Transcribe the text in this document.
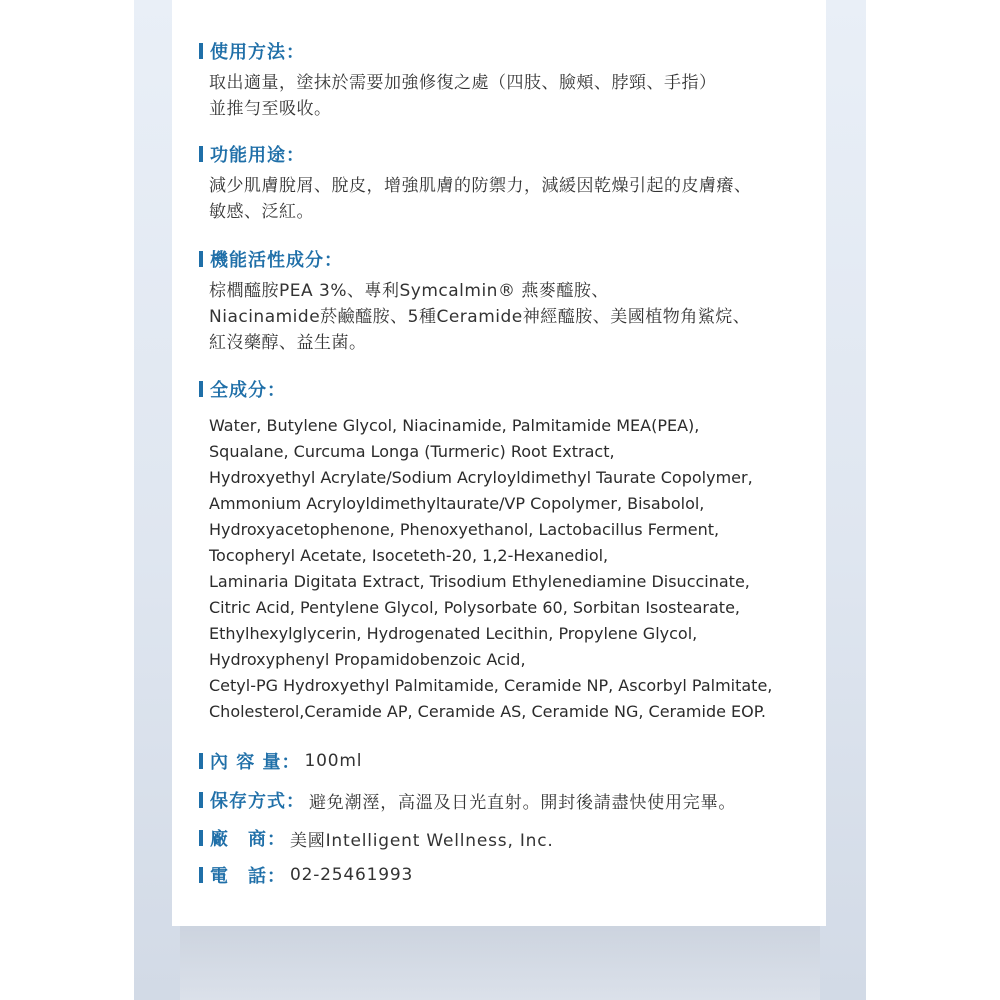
使用方法：
取出適量，塗抹於需要加強修復之處（四肢、臉頰、脖頸、手指）
並推勻至吸收。
功能用途：
減少肌膚脫屑、脫皮，增強肌膚的防禦力，減緩因乾燥引起的皮膚癢、
敏感、泛紅。
機能活性成分：
棕櫚醯胺PEA 3%、專利Symcalmin® 燕麥醯胺、
Niacinamide菸鹼醯胺、5種Ceramide神經醯胺、美國植物角鯊烷、
紅沒藥醇、益生菌。
全成分：
Water, Butylene Glycol, Niacinamide, Palmitamide MEA(PEA),
Squalane, Curcuma Longa (Turmeric) Root Extract,
Hydroxyethyl Acrylate/Sodium Acryloyldimethyl Taurate Copolymer,
Ammonium Acryloyldimethyltaurate/VP Copolymer, Bisabolol,
Hydroxyacetophenone, Phenoxyethanol, Lactobacillus Ferment,
Tocopheryl Acetate, Isoceteth-20, 1,2-Hexanediol,
Laminaria Digitata Extract, Trisodium Ethylenediamine Disuccinate,
Citric Acid, Pentylene Glycol, Polysorbate 60, Sorbitan Isostearate,
Ethylhexylglycerin, Hydrogenated Lecithin, Propylene Glycol,
Hydroxyphenyl Propamidobenzoic Acid,
Cetyl-PG Hydroxyethyl Palmitamide, Ceramide NP, Ascorbyl Palmitate,
Cholesterol,Ceramide AP, Ceramide AS, Ceramide NG, Ceramide EOP.
內 容 量： 100ml
保存方式： 避免潮溼，高溫及日光直射。開封後請盡快使用完畢。
廠　商： 美國Intelligent Wellness, Inc.
電　話： 02-25461993
